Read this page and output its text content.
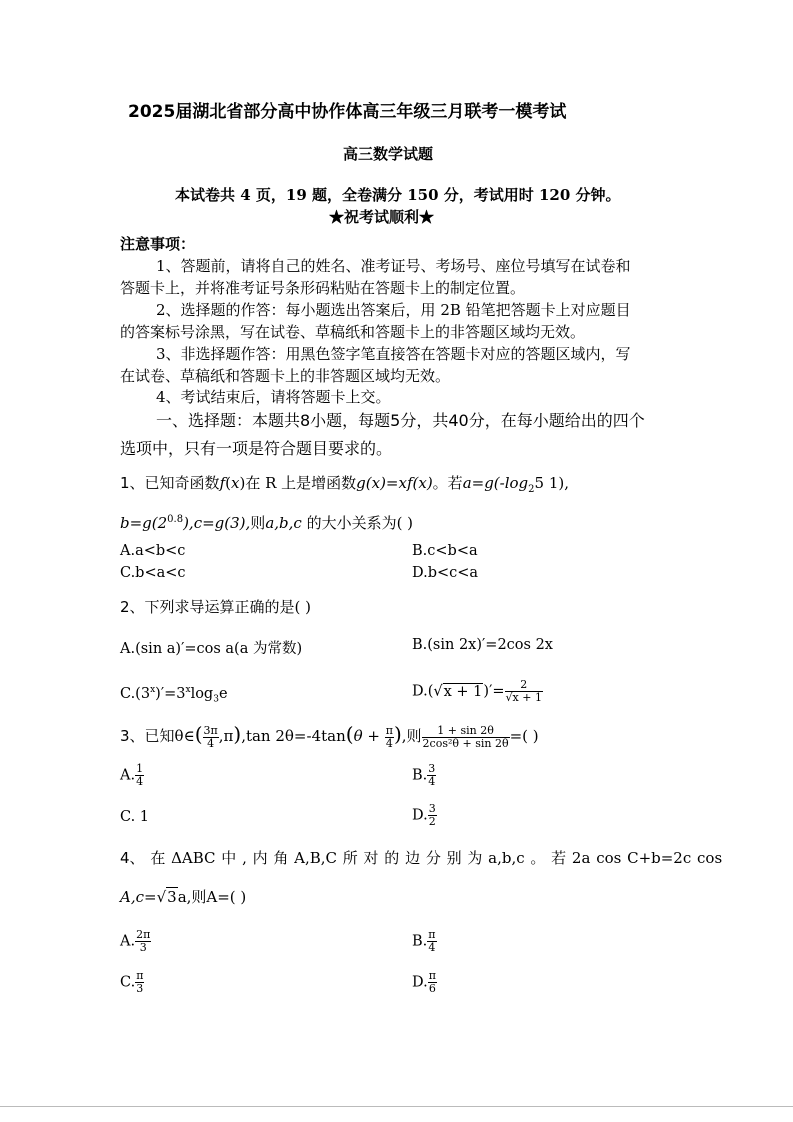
2025届湖北省部分高中协作体高三年级三月联考一模考试
高三数学试题
本试卷共 4 页，19 题，全卷满分 150 分，考试用时 120 分钟。
★祝考试顺利★
注意事项：
1、答题前，请将自己的姓名、准考证号、考场号、座位号填写在试卷和
答题卡上，并将准考证号条形码粘贴在答题卡上的制定位置。
2、选择题的作答：每小题选出答案后，用 2B 铅笔把答题卡上对应题目
的答案标号涂黑，写在试卷、草稿纸和答题卡上的非答题区域均无效。
3、非选择题作答：用黑色签字笔直接答在答题卡对应的答题区域内，写
在试卷、草稿纸和答题卡上的非答题区域均无效。
4、考试结束后，请将答题卡上交。
一、选择题：本题共8小题，每题5分，共40分，在每小题给出的四个
选项中，只有一项是符合题目要求的。
1、已知奇函数f(x)在 R 上是增函数g(x)=xf(x)。若$a=g(-\log_25$ 1),
$b=g(2^{0.8}),c=g(3)$,则a,b,c 的大小关系为( )
A.a<b<c	B.c<b<a
C.b<a<c	D.b<c<a
2、下列求导运算正确的是( )
A.(sin a)′=cos a(a 为常数)	B.(sin 2x)′=2cos 2x
$C.(3^x)'=3^x\log_3e$	$D.(√x + 1)'= \frac{2}{√x + 1}$
3、已知θ∈( $\frac{3\pi}{4} ,\pi),\tan$ $2\theta=-4\tan(\theta + \frac{\pi}{4}$ ),则 $\frac{1 + \sin 2\theta}{\text{2cos²θ + sin 2θ}}$ =( )
A. $\frac{1}{4}$	B. $\frac{3}{4}$
C. 1	D. $\frac{3}{2}$
4、 在 ΔABC 中 , 内 角 A,B,C 所 对 的 边 分 别 为 a,b,c 。 若 2a cos C+b=2c cos
A,c=√3a,则A=( )
A. $\frac{2\pi}{3}$	B. $\frac{\pi}{4}$
C. $\frac{\pi}{3}$	D. $\frac{\pi}{6}$
